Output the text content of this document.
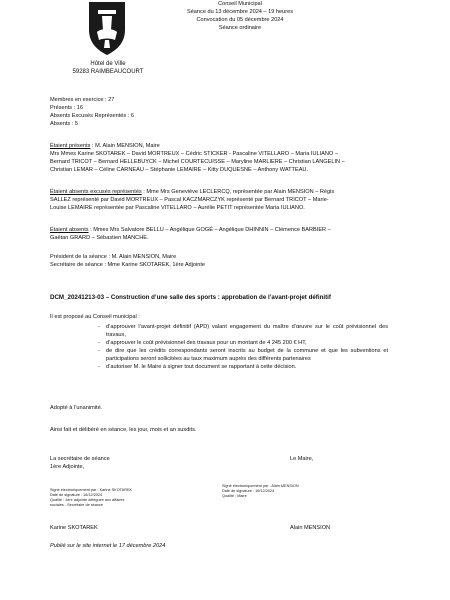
Hôtel de Ville
59283 RAIMBEAUCOURT
Conseil Municipal
Séance du 13 décembre 2024 – 19 heures
Convocation du 05 décembre 2024
Séance ordinaire
Membres en exercice : 27
Présents : 16
Absents Excusés Représentés : 6
Absents : 5
Étaient présents : M. Alain MENSION, Maire
Mrs Mmes Karine SKOTAREK – David MORTREUX – Cédric STICKER - Pascaline VITELLARO – Maria IULIANO –
Bernard TRICOT – Bernard HELLEBUYCK – Michel COURTECUISSE – Maryline MARLIERE – Christian LANGELIN –
Christian LEMAR – Céline CARNEAU – Stéphanie LEMAIRE – Kitty DUQUESNE – Anthony WATTEAU.
Étaient absents excusés représentés : Mme Mrs Geneviève LECLERCQ, représentée par Alain MENSION – Régis
SALLEZ représenté par David MORTREUX – Pascal KACZMARCZYK représenté par Bernard TRICOT – Marie-
Louise LEMAIRE représentée par Pascaline VITELLARO – Aurélie PETIT représentée Maria IULIANO.
Étaient absents : Mmes Mrs Salvatore BELLU – Angélique GOGÉ – Angélique DHINNIN – Clémence BARBIER –
Gaëtan GRARD – Sébastien MANCHE.
Président de la séance : M. Alain MENSION, Maire
Secrétaire de séance : Mme Karine SKOTAREK, 1ère Adjointe
DCM_20241213-03 – Construction d’une salle des sports : approbation de l’avant-projet définitif
Il est proposé au Conseil municipal :
- d’approuver l’avant-projet définitif (APD) valant engagement du maître d’œuvre sur le coût prévisionnel des travaux,
- d’approuver le coût prévisionnel des travaux pour un montant de 4 245 200 € HT,
- de dire que les crédits correspondants seront inscrits au budget de la commune et que les subventions et participations seront sollicitées au taux maximum auprès des différents partenaires
- d’autoriser M. le Maire à signer tout document se rapportant à cette décision.
Adopté à l’unanimité.
Ainsi fait et délibéré en séance, les jour, mois et an susdits.
La secrétaire de séance
1ère Adjointe,
Le Maire,
Signé électroniquement par : Karine SKOTAREK
Date de signature : 16/12/2024
Qualité : 1ère adjointe déléguée aux affaires
sociales - Secrétaire de séance
Signé électroniquement par : Alain MENSION
Date de signature : 16/12/2024
Qualité : Maire
Karine SKOTAREK	Alain MENSION
Publié sur le site internet le 17 décembre 2024
